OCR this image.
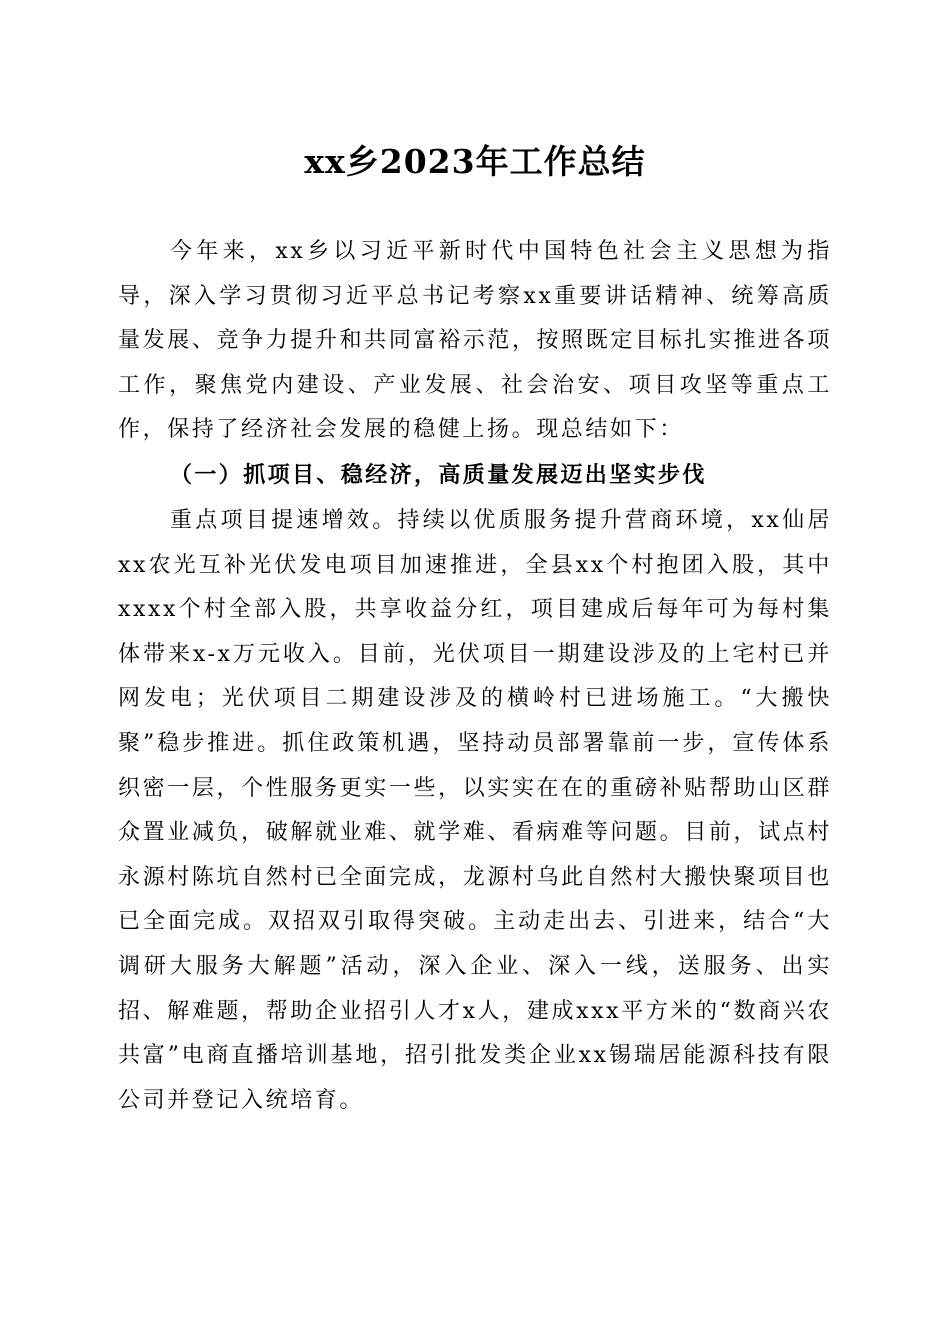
xx乡2023年工作总结

今年来，xx乡以习近平新时代中国特色社会主义思想为指导，深入学习贯彻习近平总书记考察xx重要讲话精神、统筹高质量发展、竞争力提升和共同富裕示范，按照既定目标扎实推进各项工作，聚焦党内建设、产业发展、社会治安、项目攻坚等重点工作，保持了经济社会发展的稳健上扬。现总结如下：

（一）抓项目、稳经济，高质量发展迈出坚实步伐

重点项目提速增效。持续以优质服务提升营商环境，xx仙居xx农光互补光伏发电项目加速推进，全县xx个村抱团入股，其中xxxx个村全部入股，共享收益分红，项目建成后每年可为每村集体带来x-x万元收入。目前，光伏项目一期建设涉及的上宅村已并网发电；光伏项目二期建设涉及的横岭村已进场施工。“大搬快聚”稳步推进。抓住政策机遇，坚持动员部署靠前一步，宣传体系织密一层，个性服务更实一些，以实实在在的重磅补贴帮助山区群众置业减负，破解就业难、就学难、看病难等问题。目前，试点村永源村陈坑自然村已全面完成，龙源村乌此自然村大搬快聚项目也已全面完成。双招双引取得突破。主动走出去、引进来，结合“大调研大服务大解题”活动，深入企业、深入一线，送服务、出实招、解难题，帮助企业招引人才x人，建成xxx平方米的“数商兴农共富”电商直播培训基地，招引批发类企业xx锡瑞居能源科技有限公司并登记入统培育。
